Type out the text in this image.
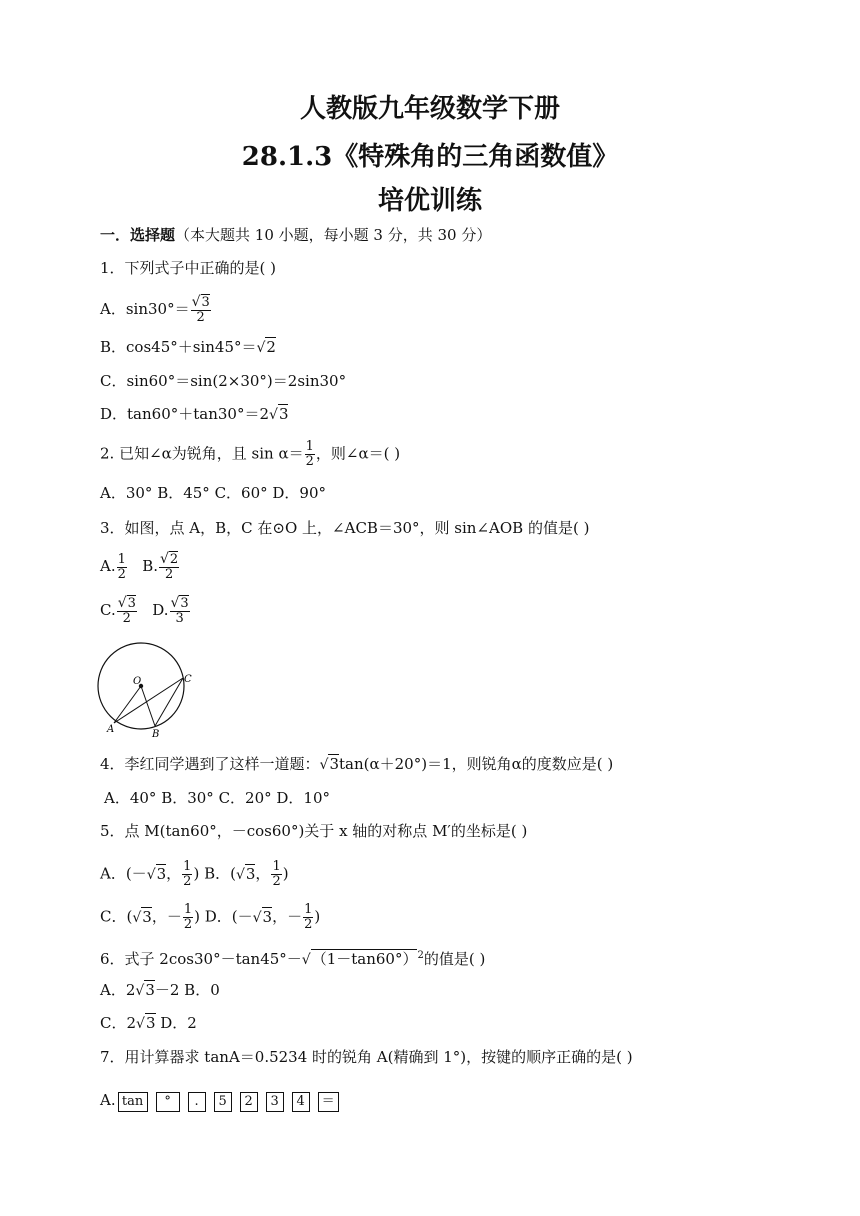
人教版九年级数学下册
28.1.3《特殊角的三角函数值》
培优训练
一．选择题（本大题共 10 小题，每小题 3 分，共 30 分）
1．下列式子中正确的是( )
A．$\sin 30^\circ= \frac{√3}{2}$
B．cos45°＋sin45°＝√2
C．sin60°＝sin(2×30°)＝2sin30°
D．tan60°＋tan30°＝2√3
2. 已知∠α为锐角，且 $\sin \alpha= \frac{1}{2}$ ，则∠α＝( )
A．30° B．45° C．60° D．90°
3．如图，点 A，B，C 在⊙O 上，∠ACB＝30°，则 sin∠AOB 的值是( )
A. $\frac{1}{2} B$. $\frac{√2}{2}$
C. $\frac{√3}{2} D$. $\frac{√3}{3}$
O
A	B
C
4．李红同学遇到了这样一道题：√3tan(α＋20°)＝1，则锐角α的度数应是( )
A．40° B．30° C．20° D．10°
5．点 M(tan60°，－cos60°)关于 x 轴的对称点 M′的坐标是( )
A．(－√3， $\frac{1}{2}$ ) B．(√3， $\frac{1}{2}$ )
C．(√3，－ $\frac{1}{2}$ ) D．(－√3，－ $\frac{1}{2}$ )
6．式子 $2\cos 30^\circ-\tan 45^\circ-√(1-\tan 60^\circ)^2$的值是( )
A．2√3－2 B．0
C．2√3 D．2
7．用计算器求 tanA＝0.5234 时的锐角 A(精确到 1°)，按键的顺序正确的是( )
A. tan ° . 5 2 3 4 ＝
